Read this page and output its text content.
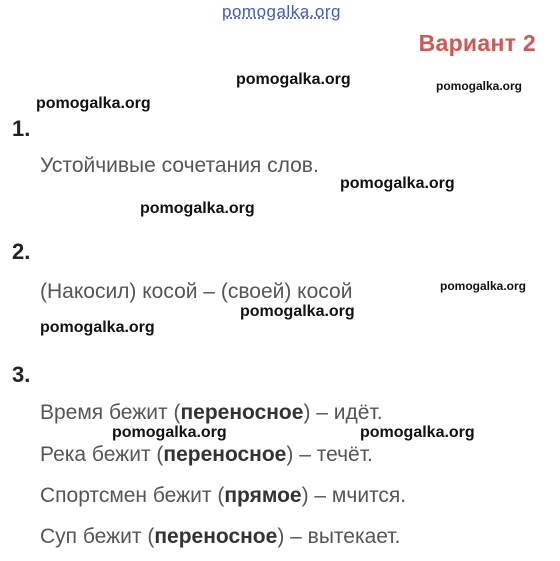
pomogalka.org
Вариант 2
pomogalka.org	pomogalka.org
pomogalka.org
1.
Устойчивые сочетания слов.
pomogalka.org
pomogalka.org
2.
(Накосил) косой – (своей) косой	pomogalka.org
pomogalka.org
pomogalka.org
3.
Время бежит (переносное) – идёт.
pomogalka.org	pomogalka.org
Река бежит (переносное) – течёт.
Спортсмен бежит (прямое) – мчится.
Суп бежит (переносное) – вытекает.
